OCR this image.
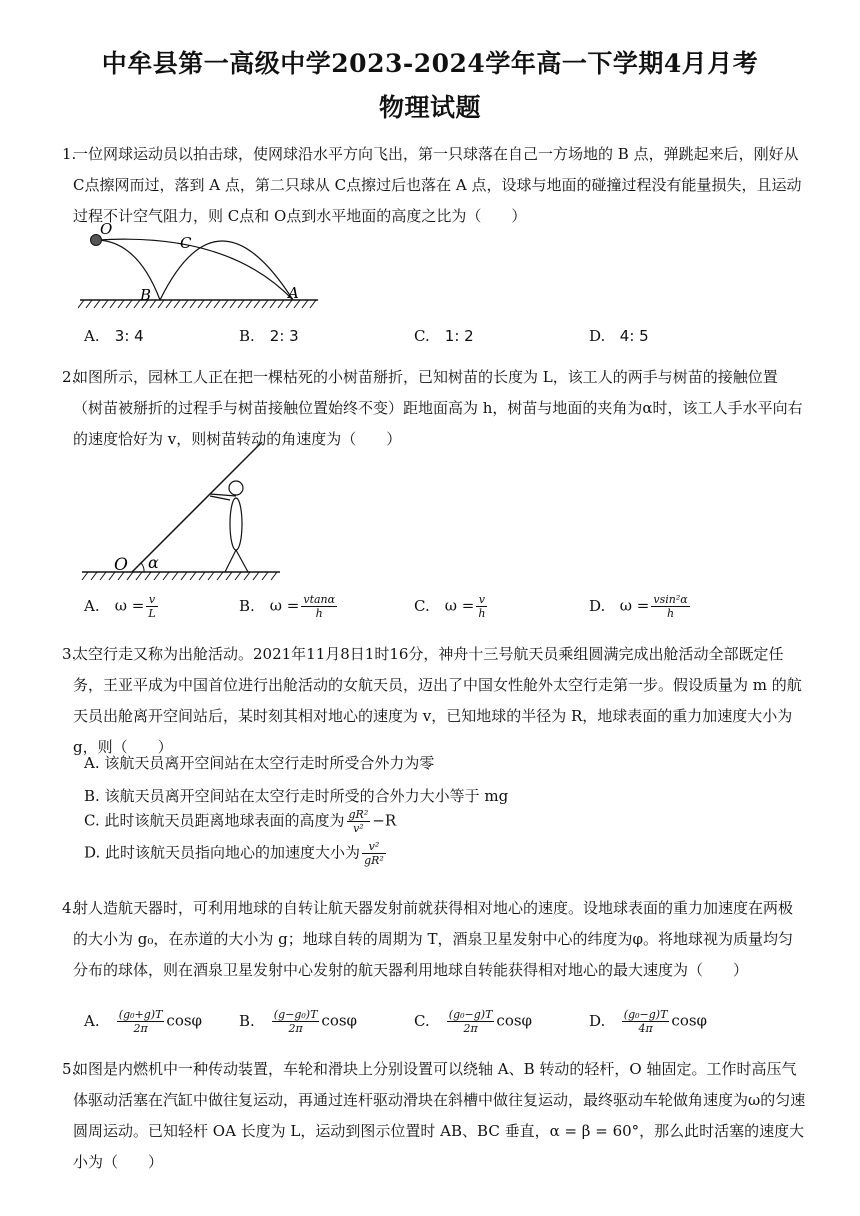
中牟县第一高级中学2023-2024学年高一下学期4月月考
物理试题
1.
一位网球运动员以拍击球，使网球沿水平方向飞出，第一只球落在自己一方场地的 B 点，弹跳起来后，刚好从 C点擦网而过，落到 A 点，第二只球从 C点擦过后也落在 A 点，设球与地面的碰撞过程没有能量损失，且运动过程不计空气阻力，则 C点和 O点到水平地面的高度之比为（　　）
O
C
B	A
A. 3: 4	B. 2: 3	C. 1: 2	D. 4: 5
2.
如图所示，园林工人正在把一棵枯死的小树苗掰折，已知树苗的长度为 L，该工人的两手与树苗的接触位置（树苗被掰折的过程手与树苗接触位置始终不变）距地面高为 h，树苗与地面的夹角为α时，该工人手水平向右的速度恰好为 v，则树苗转动的角速度为（　　）
O α
A. $\omega = \frac{v}{L}$	B. $\omega = \frac{vtan\alpha}{h}$	C. $\omega = \frac{v}{h}$	D. $\omega = \frac{\text{vsin²α}}{h}$
3.
太空行走又称为出舱活动。2021年11月8日1时16分，神舟十三号航天员乘组圆满完成出舱活动全部既定任务，王亚平成为中国首位进行出舱活动的女航天员，迈出了中国女性舱外太空行走第一步。假设质量为 m 的航天员出舱离开空间站后，某时刻其相对地心的速度为 v，已知地球的半径为 R，地球表面的重力加速度大小为 g，则（　　）
A. 该航天员离开空间站在太空行走时所受合外力为零
B. 该航天员离开空间站在太空行走时所受的合外力大小等于 mg
C. 此时该航天员距离地球表面的高度为 $\frac{\text{gR²}}{\text{v²}} -R$
D. 此时该航天员指向地心的加速度大小为 $\frac{\text{v²}}{\text{gR²}}$
4.
射人造航天器时，可利用地球的自转让航天器发射前就获得相对地心的速度。设地球表面的重力加速度在两极的大小为 g₀，在赤道的大小为 g；地球自转的周期为 T，酒泉卫星发射中心的纬度为φ。将地球视为质量均匀分布的球体，则在酒泉卫星发射中心发射的航天器利用地球自转能获得相对地心的最大速度为（　　）
A. $\frac{\text{(g₀+g)T}}{2\pi}$ cosφ B. $\frac{\text{(g−g₀)T}}{2\pi}$ cosφ	C. $\frac{\text{(g₀−g)T}}{2\pi}$ cosφ	D. $\frac{\text{(g₀−g)T}}{4\pi}$ cosφ
5.
如图是内燃机中一种传动装置，车轮和滑块上分别设置可以绕轴 A、B 转动的轻杆，O 轴固定。工作时高压气体驱动活塞在汽缸中做往复运动，再通过连杆驱动滑块在斜槽中做往复运动，最终驱动车轮做角速度为ω的匀速圆周运动。已知轻杆 OA 长度为 L，运动到图示位置时 AB、BC 垂直，α = β = 60°，那么此时活塞的速度大小为（　　）
